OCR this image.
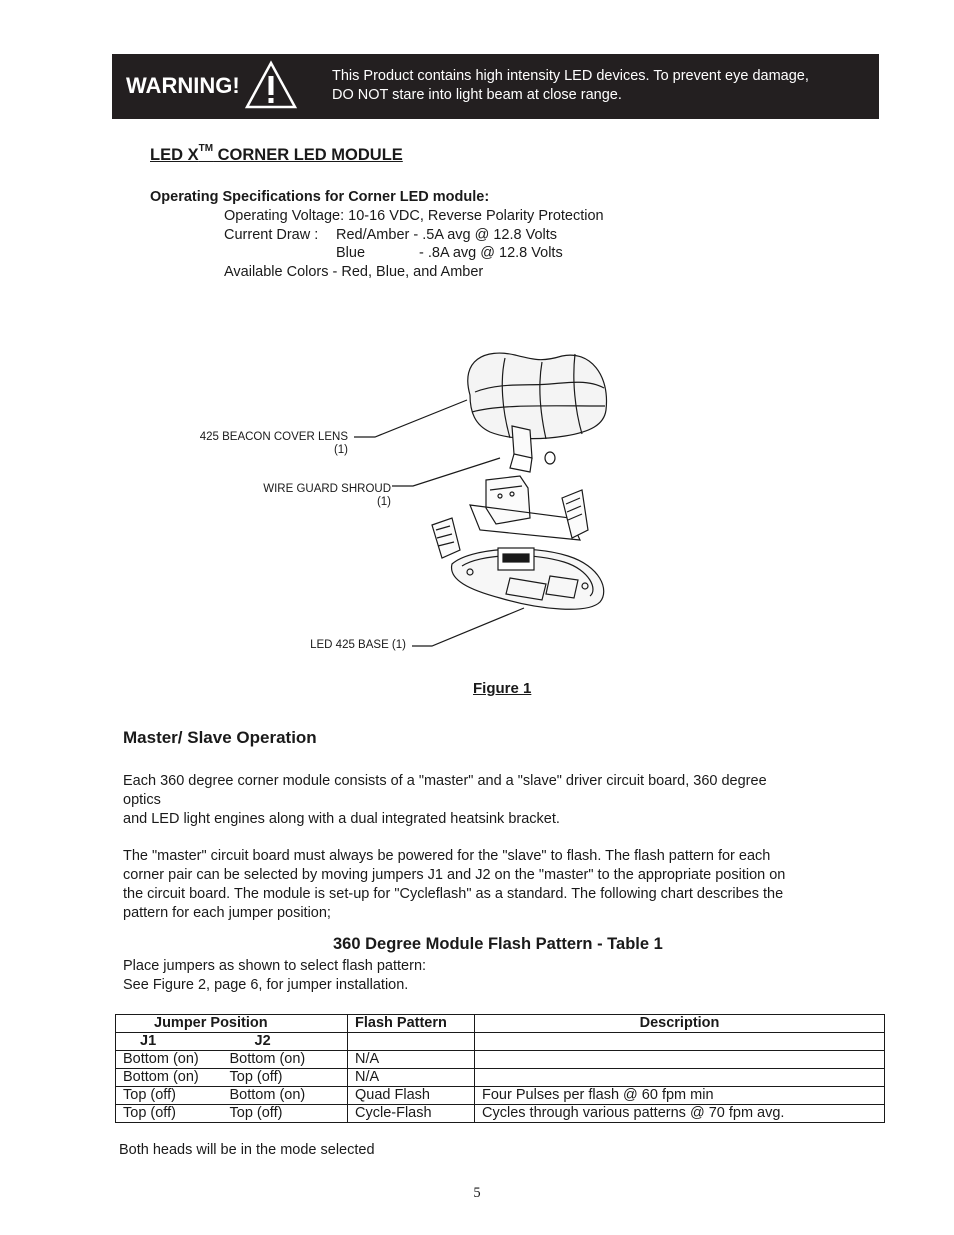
WARNING!	This Product contains high intensity LED devices. To prevent eye damage,
DO NOT stare into light beam at close range.
LED X™ CORNER LED MODULE
Operating Specifications for Corner LED module:
Operating Voltage: 10-16 VDC, Reverse Polarity Protection
Current Draw : Red/Amber - .5A avg @ 12.8 Volts
Blue	- .8A avg @ 12.8 Volts
Available Colors - Red, Blue, and Amber
425 BEACON COVER LENS
(1)
WIRE GUARD SHROUD
(1)
LED 425 BASE (1)
Figure 1
Master/ Slave Operation
Each 360 degree corner module consists of a "master" and a "slave" driver circuit board, 360 degree
optics
and LED light engines along with a dual integrated heatsink bracket.
The "master" circuit board must always be powered for the "slave" to flash. The flash pattern for each
corner pair can be selected by moving jumpers J1 and J2 on the "master" to the appropriate position on
the circuit board. The module is set-up for "Cycleflash" as a standard. The following chart describes the
pattern for each jumper position;
360 Degree Module Flash Pattern - Table 1
Place jumpers as shown to select flash pattern:
See Figure 2, page 6, for jumper installation.
Jumper Position		Flash Pattern	Description
J1	J2		
Bottom (on)	Bottom (on)	N/A	
Bottom (on)	Top (off)	N/A	
Top (off)	Bottom (on)	Quad Flash	Four Pulses per flash @ 60 fpm min
Top (off)	Top (off)	Cycle-Flash	Cycles through various patterns @ 70 fpm avg.
Both heads will be in the mode selected
5
